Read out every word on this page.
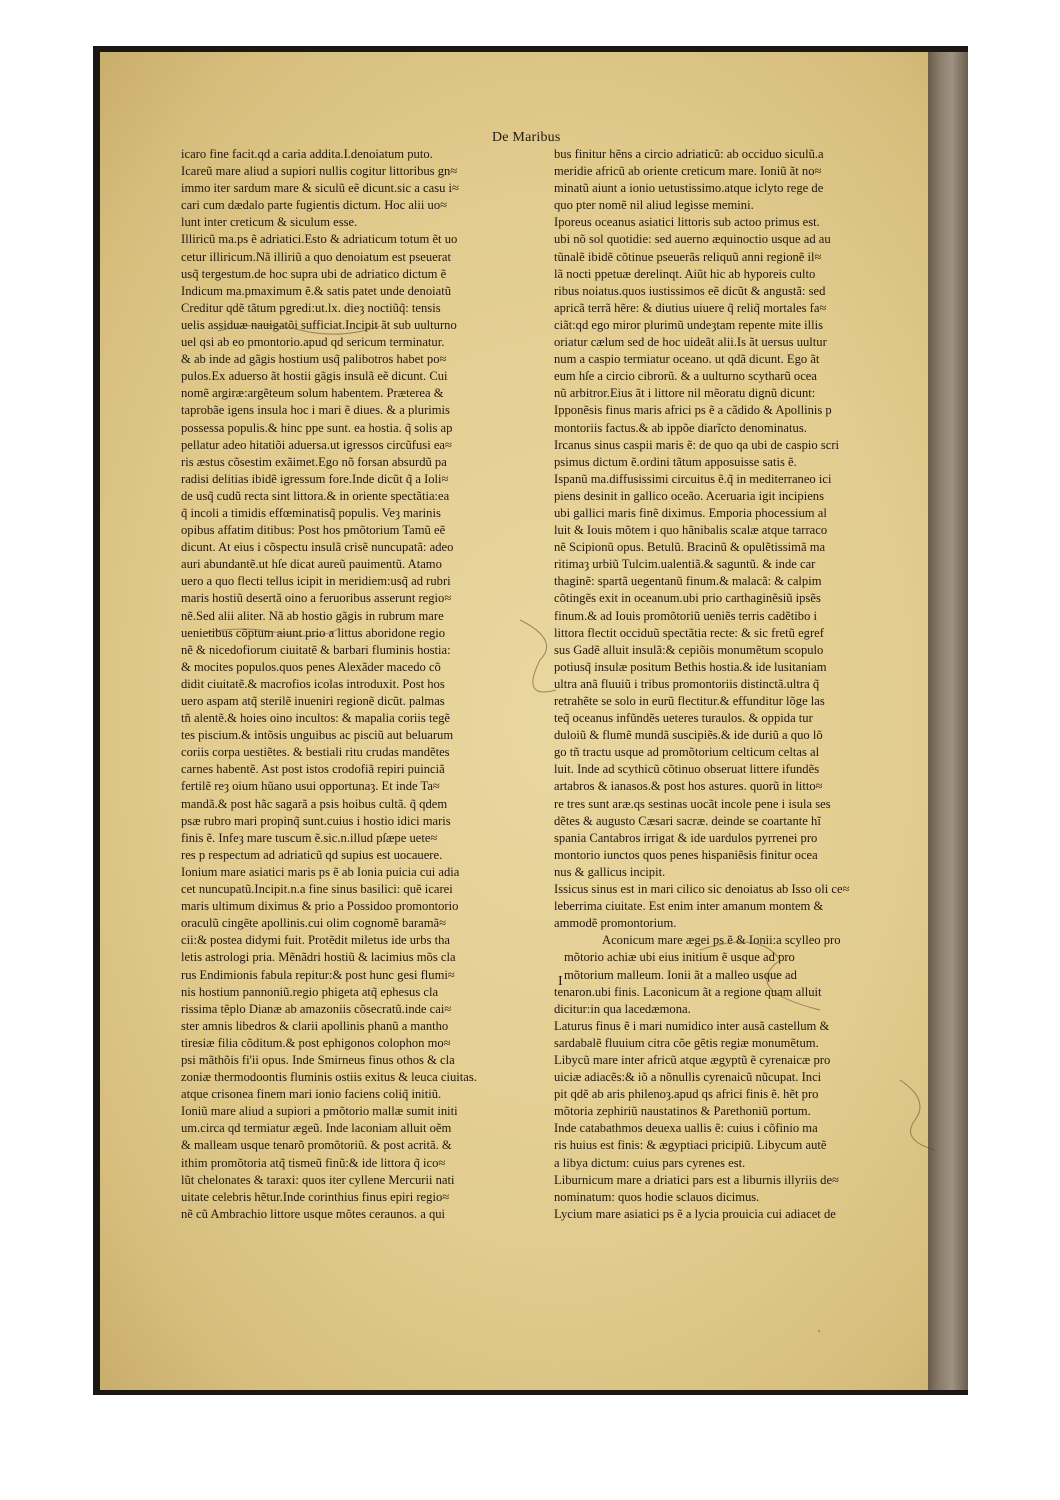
De Maribus
icaro fine facit.qd a caria addita.I.denoiatum puto.
Icareũ mare aliud a supiori nullis cogitur littoribus gn≈
immo iter sardum mare & siculũ eẽ dicunt.sic a casu i≈
cari cum dædalo parte fugientis dictum. Hoc alii uo≈
lunt inter creticum & siculum esse.
Illiricũ ma.ps ẽ adriatici.Esto & adriaticum totum ẽt uo
cetur illiricum.Nã illiriũ a quo denoiatum est pseuerat
usq̃ tergestum.de hoc supra ubi de adriatico dictum ẽ
Indicum ma.pmaximum ẽ.& satis patet unde denoiatũ
Creditur qdẽ tãtum pgredi:ut.lx. dieȝ noctiũq̃: tensis
uelis assiduæ nauigatõi sufficiat.Incipit ãt sub uulturno
uel qsi ab eo pmontorio.apud qd sericum terminatur.
& ab inde ad gãgis hostium usq̃ palibotros habet po≈
pulos.Ex aduerso ãt hostii gãgis insulã eẽ dicunt. Cui
nomẽ argiræ:argẽteum solum habentem. Præterea &
taprobãe igens insula hoc i mari ẽ diues. & a plurimis
possessa populis.& hinc ppe sunt. ea hostia. q̃ solis ap
pellatur adeo hitatiõi aduersa.ut igressos circũfusi ea≈
ris æstus cõsestim exãimet.Ego nõ forsan absurdũ pa
radisi delitias ibidẽ igressum fore.Inde dicũt q̃ a Ioli≈
de usq̃ cudũ recta sint littora.& in oriente spectãtia:ea
q̃ incoli a timidis effœminatisq̃ populis. Veȝ marinis
opibus affatim ditibus: Post hos pmõtorium Tamũ eẽ
dicunt. At eius i cõspectu insulã crisẽ nuncupatã: adeo
auri abundantẽ.ut hſe dicat aureũ pauimentũ. Atamo
uero a quo flecti tellus icipit in meridiem:usq̃ ad rubri
maris hostiũ desertã oino a feruoribus asserunt regio≈
nẽ.Sed alii aliter. Nã ab hostio gãgis in rubrum mare
uenietibus cõptum aiunt prio a littus aboridone regio
nẽ & nicedofiorum ciuitatẽ & barbari fluminis hostia:
& mocites populos.quos penes Alexãder macedo cõ
didit ciuitatẽ.& macrofios icolas introduxit. Post hos
uero aspam atq̃ sterilẽ inueniri regionẽ dicũt. palmas
tñ alentẽ.& hoies oino incultos: & mapalia coriis tegẽ
tes piscium.& intõsis unguibus ac pisciũ aut beluarum
coriis corpa uestiẽtes. & bestiali ritu crudas mandẽtes
carnes habentẽ. Ast post istos crodofiã repiri puinciã
fertilẽ reȝ oium hũano usui opportunaȝ. Et inde Ta≈
mandã.& post hãc sagarã a psis hoibus cultã. q̃ qdem
psæ rubro mari propinq̃ sunt.cuius i hostio idici maris
finis ẽ. Infeȝ mare tuscum ẽ.sic.n.illud pſæpe uete≈
res p respectum ad adriaticũ qd supius est uocauere.
Ionium mare asiatici maris ps ẽ ab Ionia puicia cui adia
cet nuncupatũ.Incipit.n.a fine sinus basilici: quẽ icarei
maris ultimum diximus & prio a Possidoo promontorio
oraculũ cingẽte apollinis.cui olim cognomẽ baramã≈
cii:& postea didymi fuit. Protẽdit miletus ide urbs tha
letis astrologi pria. Mẽnãdri hostiũ & lacimius mõs cla
rus Endimionis fabula repitur:& post hunc gesi flumi≈
nis hostium pannoniũ.regio phigeta atq̃ ephesus cla
rissima tẽplo Dianæ ab amazoniis cõsecratũ.inde cai≈
ster amnis libedros & clarii apollinis phanũ a mantho
tiresiæ filia cõditum.& post ephigonos colophon mo≈
psi mãthõis fi'ii opus. Inde Smirneus finus othos & cla
zoniæ thermodoontis fluminis ostiis exitus & leuca ciuitas.
atque crisonea finem mari ionio faciens coliq̃ initiũ.
Ioniũ mare aliud a supiori a pmõtorio mallæ sumit initi
um.circa qd termiatur ægeũ. Inde laconiam alluit oẽm
& malleam usque tenarõ promõtoriũ. & post acritã. &
ithim promõtoria atq̃ tismeũ finũ:& ide littora q̃ ico≈
lũt chelonates & taraxi: quos iter cyllene Mercurii nati
uitate celebris hẽtur.Inde corinthius finus epiri regio≈
nẽ cũ Ambrachio littore usque mõtes ceraunos. a qui
bus finitur hẽns a circio adriaticũ: ab occiduo siculũ.a
meridie africũ ab oriente creticum mare. Ioniũ ãt no≈
minatũ aiunt a ionio uetustissimo.atque iclyto rege de
quo pter nomẽ nil aliud legisse memini.
Iporeus oceanus asiatici littoris sub actoo primus est.
ubi nõ sol quotidie: sed auerno æquinoctio usque ad au
tũnalẽ ibidẽ cõtinue pseuerãs reliquũ anni regionẽ il≈
lã nocti ppetuæ derelinqt. Aiũt hic ab hyporeis culto
ribus noiatus.quos iustissimos eẽ dicũt & angustã: sed
apricã terrã hẽre: & diutius uiuere q̃ reliq̃ mortales fa≈
ciãt:qd ego miror plurimũ undeȝtam repente mite illis
oriatur cælum sed de hoc uideãt alii.Is ãt uersus uultur
num a caspio termiatur oceano. ut qdã dicunt. Ego ãt
eum hſe a circio cibrorũ. & a uulturno scytharũ ocea
nũ arbitror.Eius ãt i littore nil mẽoratu dignũ dicunt:
Ipponẽsis finus maris africi ps ẽ a cãdido & Apollinis p
montoriis factus.& ab ippõe diarĩcto denominatus.
Ircanus sinus caspii maris ẽ: de quo qa ubi de caspio scri
psimus dictum ẽ.ordini tãtum apposuisse satis ẽ.
Ispanũ ma.diffusissimi circuitus ẽ.q̃ in mediterraneo ici
piens desinit in gallico oceão. Aceruaria igit incipiens
ubi gallici maris finẽ diximus. Emporia phocessium al
luit & Iouis mõtem i quo hãnibalis scalæ atque tarraco
nẽ Scipionũ opus. Betulũ. Bracinũ & opulẽtissimã ma
ritimaȝ urbiũ Tulcim.ualentiã.& saguntũ. & inde car
thaginẽ: spartã uegentanũ finum.& malacã: & calpim
cõtingẽs exit in oceanum.ubi prio carthaginẽsiũ ipsẽs
finum.& ad Iouis promõtoriũ ueniẽs terris cadẽtibo i
littora flectit occiduũ spectãtia recte: & sic fretũ egref
sus Gadẽ alluit insulã:& cepiõis monumẽtum scopulo
potiusq̃ insulæ positum Bethis hostia.& ide lusitaniam
ultra anã fluuiũ i tribus promontoriis distinctã.ultra q̃
retrahẽte se solo in eurũ flectitur.& effunditur lõge las
teq̃ oceanus infũndẽs ueteres turaulos. & oppida tur
duloiũ & flumẽ mundã suscipiẽs.& ide duriũ a quo lõ
go tñ tractu usque ad promõtorium celticum celtas al
luit. Inde ad scythicũ cõtinuo obseruat littere ifundẽs
artabros & ianasos.& post hos astures. quorũ in litto≈
re tres sunt aræ.qs sestinas uocãt incole pene i isula ses
dẽtes & augusto Cæsari sacræ. deinde se coartante hĩ
spania Cantabros irrigat & ide uardulos pyrrenei pro
montorio iunctos quos penes hispaniẽsis finitur ocea
nus & gallicus incipit.
Issicus sinus est in mari cilico sic denoiatus ab Isso oli ce≈
leberrima ciuitate. Est enim inter amanum montem &
ammodẽ promontorium.
Aconicum mare ægei ps ẽ & Ionii:a scylleo pro
mõtorio achiæ ubi eius initium ẽ usque ad pro
mõtorium malleum. Ionii ãt a malleo usque ad
tenaron.ubi finis. Laconicum ãt a regione quam alluit
dicitur:in qua lacedæmona.
Laturus finus ẽ i mari numidico inter ausã castellum &
sardabalẽ fluuium citra cõe gẽtis regiæ monumẽtum.
Libycũ mare inter africũ atque ægyptũ ẽ cyrenaicæ pro
uiciæ adiacẽs:& iõ a nõnullis cyrenaicũ nũcupat. Inci
pit qdẽ ab aris philenoȝ.apud qs africi finis ẽ. hẽt pro
mõtoria zephiriũ naustatinos & Parethoniũ portum.
Inde catabathmos deuexa uallis ẽ: cuius i cõfinio ma
ris huius est finis: & ægyptiaci pricipiũ. Libycum autẽ
a libya dictum: cuius pars cyrenes est.
Liburnicum mare a driatici pars est a liburnis illyriis de≈
nominatum: quos hodie sclauos dicimus.
Lycium mare asiatici ps ẽ a lycia prouicia cui adiacet de
I
'
